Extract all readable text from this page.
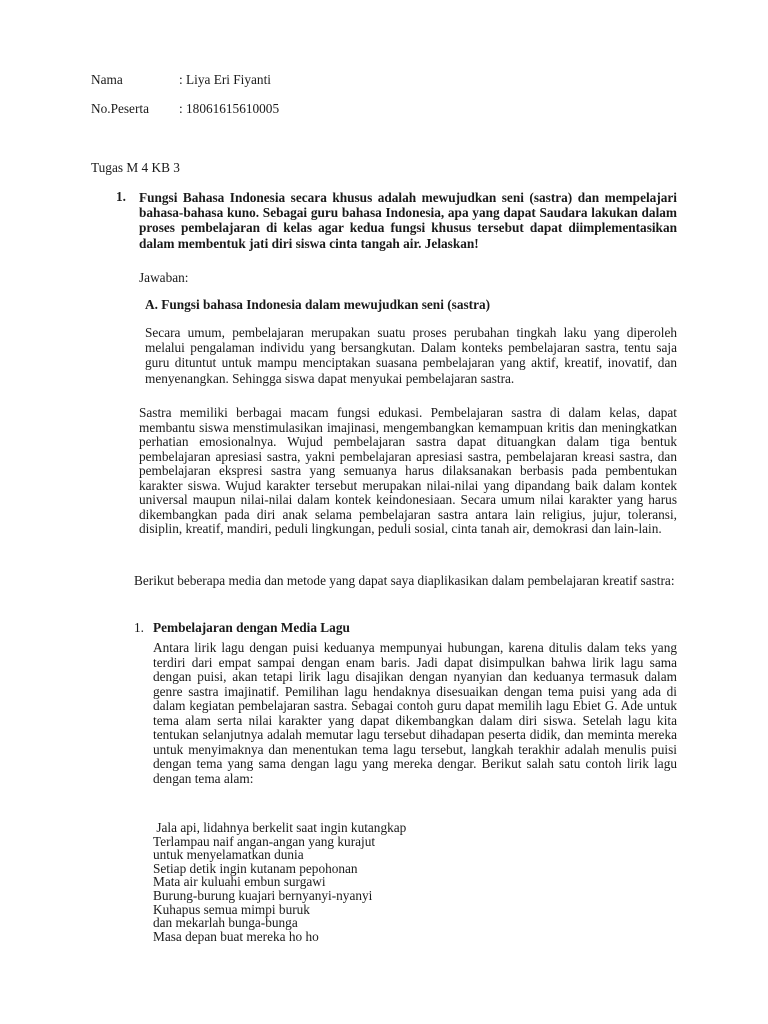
Nama	: Liya Eri Fiyanti
No.Peserta : 18061615610005
Tugas M 4 KB 3
1. Fungsi Bahasa Indonesia secara khusus adalah mewujudkan seni (sastra) dan mempelajari bahasa-bahasa kuno. Sebagai guru bahasa Indonesia, apa yang dapat Saudara lakukan dalam proses pembelajaran di kelas agar kedua fungsi khusus tersebut dapat diimplementasikan dalam membentuk jati diri siswa cinta tangah air. Jelaskan!
Jawaban:
A. Fungsi bahasa Indonesia dalam mewujudkan seni (sastra)
Secara umum, pembelajaran merupakan suatu proses perubahan tingkah laku yang diperoleh melalui pengalaman individu yang bersangkutan. Dalam konteks pembelajaran sastra, tentu saja guru dituntut untuk mampu menciptakan suasana pembelajaran yang aktif, kreatif, inovatif, dan menyenangkan. Sehingga siswa dapat menyukai pembelajaran sastra.
Sastra memiliki berbagai macam fungsi edukasi. Pembelajaran sastra di dalam kelas, dapat membantu siswa menstimulasikan imajinasi, mengembangkan kemampuan kritis dan meningkatkan perhatian emosionalnya. Wujud pembelajaran sastra dapat dituangkan dalam tiga bentuk pembelajaran apresiasi sastra, yakni pembelajaran apresiasi sastra, pembelajaran kreasi sastra, dan pembelajaran ekspresi sastra yang semuanya harus dilaksanakan berbasis pada pembentukan karakter siswa. Wujud karakter tersebut merupakan nilai-nilai yang dipandang baik dalam kontek universal maupun nilai-nilai dalam kontek keindonesiaan. Secara umum nilai karakter yang harus dikembangkan pada diri anak selama pembelajaran sastra antara lain religius, jujur, toleransi, disiplin, kreatif, mandiri, peduli lingkungan, peduli sosial, cinta tanah air, demokrasi dan lain-lain.
Berikut beberapa media dan metode yang dapat saya diaplikasikan dalam pembelajaran kreatif sastra:
1. Pembelajaran dengan Media Lagu
Antara lirik lagu dengan puisi keduanya mempunyai hubungan, karena ditulis dalam teks yang terdiri dari empat sampai dengan enam baris. Jadi dapat disimpulkan bahwa lirik lagu sama dengan puisi, akan tetapi lirik lagu disajikan dengan nyanyian dan keduanya termasuk dalam genre sastra imajinatif. Pemilihan lagu hendaknya disesuaikan dengan tema puisi yang ada di dalam kegiatan pembelajaran sastra. Sebagai contoh guru dapat memilih lagu Ebiet G. Ade untuk tema alam serta nilai karakter yang dapat dikembangkan dalam diri siswa. Setelah lagu kita tentukan selanjutnya adalah memutar lagu tersebut dihadapan peserta didik, dan meminta mereka untuk menyimaknya dan menentukan tema lagu tersebut, langkah terakhir adalah menulis puisi dengan tema yang sama dengan lagu yang mereka dengar. Berikut salah satu contoh lirik lagu dengan tema alam:
Jala api, lidahnya berkelit saat ingin kutangkap
Terlampau naif angan-angan yang kurajut
untuk menyelamatkan dunia
Setiap detik ingin kutanam pepohonan
Mata air kuluahi embun surgawi
Burung-burung kuajari bernyanyi-nyanyi
Kuhapus semua mimpi buruk
dan mekarlah bunga-bunga
Masa depan buat mereka ho ho
